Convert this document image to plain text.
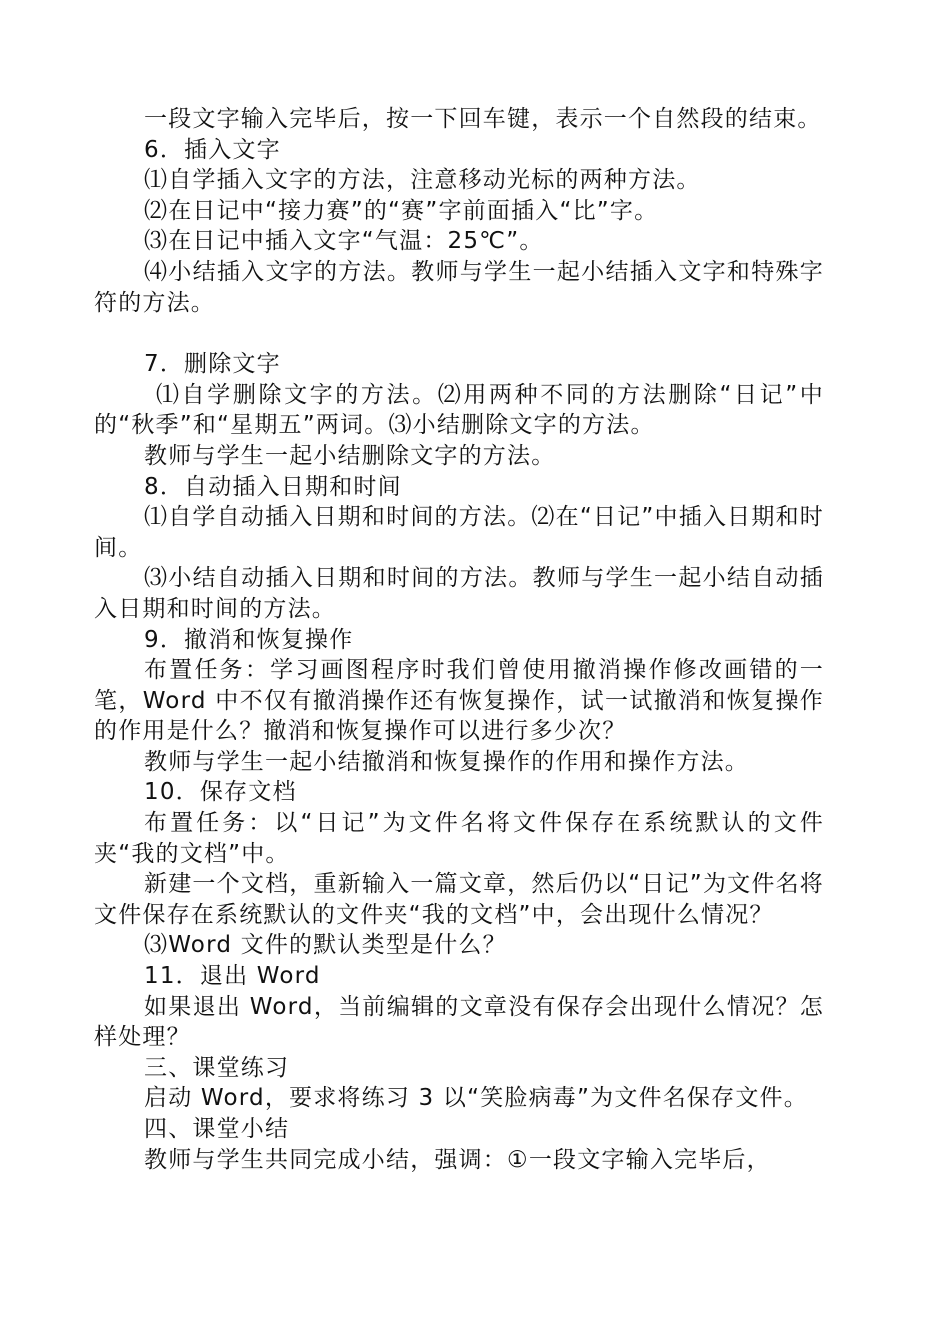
一段文字输入完毕后，按一下回车键，表示一个自然段的结束。

6．插入文字

⑴自学插入文字的方法，注意移动光标的两种方法。

⑵在日记中“接力赛”的“赛”字前面插入“比”字。

⑶在日记中插入文字“气温：25℃”。

⑷小结插入文字的方法。教师与学生一起小结插入文字和特殊字符的方法。

7．删除文字

⑴自学删除文字的方法。⑵用两种不同的方法删除“日记”中的“秋季”和“星期五”两词。⑶小结删除文字的方法。

教师与学生一起小结删除文字的方法。

8．自动插入日期和时间

⑴自学自动插入日期和时间的方法。⑵在“日记”中插入日期和时间。

⑶小结自动插入日期和时间的方法。教师与学生一起小结自动插入日期和时间的方法。

9．撤消和恢复操作

布置任务：学习画图程序时我们曾使用撤消操作修改画错的一笔，Word 中不仅有撤消操作还有恢复操作，试一试撤消和恢复操作的作用是什么？撤消和恢复操作可以进行多少次？

教师与学生一起小结撤消和恢复操作的作用和操作方法。

10．保存文档

布置任务：以“日记”为文件名将文件保存在系统默认的文件夹“我的文档”中。

新建一个文档，重新输入一篇文章，然后仍以“日记”为文件名将文件保存在系统默认的文件夹“我的文档”中，会出现什么情况？

⑶Word 文件的默认类型是什么？

11．退出 Word

如果退出 Word，当前编辑的文章没有保存会出现什么情况？怎样处理？

三、课堂练习

启动 Word，要求将练习 3 以“笑脸病毒”为文件名保存文件。

四、课堂小结

教师与学生共同完成小结，强调：①一段文字输入完毕后，
